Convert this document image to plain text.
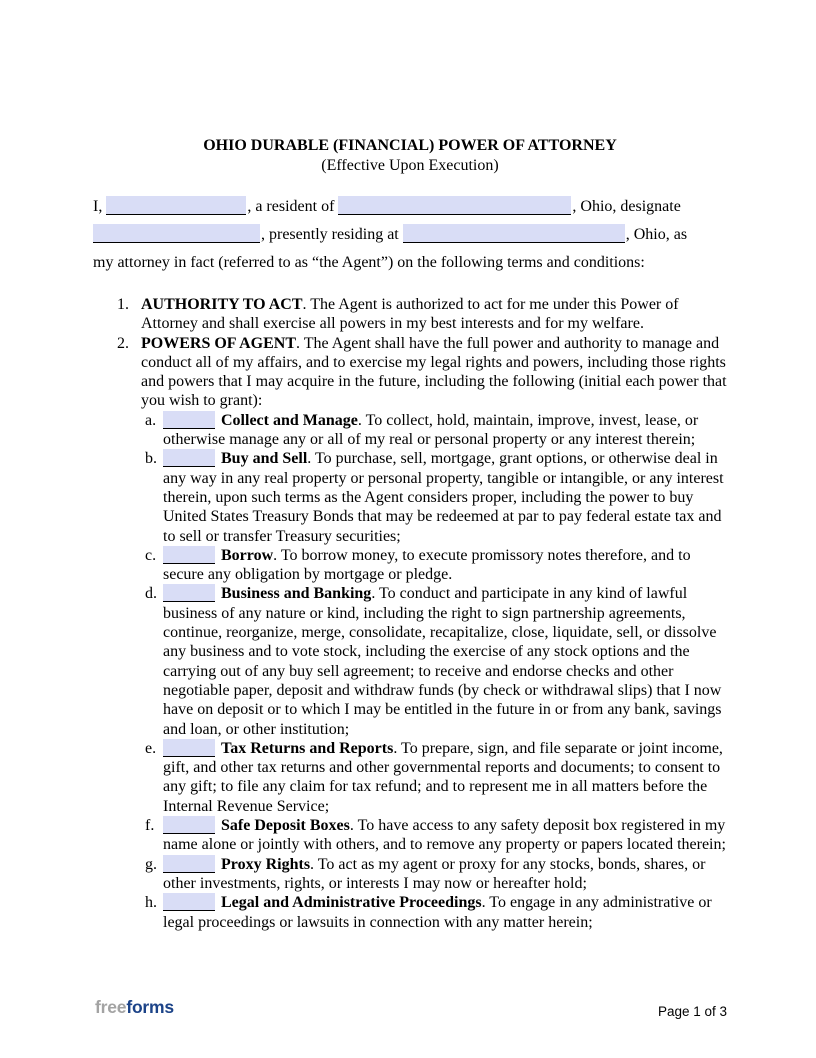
OHIO DURABLE (FINANCIAL) POWER OF ATTORNEY
(Effective Upon Execution)
I,	, a resident of	, Ohio, designate
, presently residing at	, Ohio, as
my attorney in fact (referred to as “the Agent”) on the following terms and conditions:
1. AUTHORITY TO ACT. The Agent is authorized to act for me under this Power of Attorney and shall exercise all powers in my best interests and for my welfare.
2. POWERS OF AGENT. The Agent shall have the full power and authority to manage and conduct all of my affairs, and to exercise my legal rights and powers, including those rights and powers that I may acquire in the future, including the following (initial each power that you wish to grant):
a.	Collect and Manage. To collect, hold, maintain, improve, invest, lease, or otherwise manage any or all of my real or personal property or any interest therein;
b.	Buy and Sell. To purchase, sell, mortgage, grant options, or otherwise deal in any way in any real property or personal property, tangible or intangible, or any interest therein, upon such terms as the Agent considers proper, including the power to buy United States Treasury Bonds that may be redeemed at par to pay federal estate tax and to sell or transfer Treasury securities;
c.	Borrow. To borrow money, to execute promissory notes therefore, and to secure any obligation by mortgage or pledge.
d.	Business and Banking. To conduct and participate in any kind of lawful business of any nature or kind, including the right to sign partnership agreements, continue, reorganize, merge, consolidate, recapitalize, close, liquidate, sell, or dissolve any business and to vote stock, including the exercise of any stock options and the carrying out of any buy sell agreement; to receive and endorse checks and other negotiable paper, deposit and withdraw funds (by check or withdrawal slips) that I now have on deposit or to which I may be entitled in the future in or from any bank, savings and loan, or other institution;
e.	Tax Returns and Reports. To prepare, sign, and file separate or joint income, gift, and other tax returns and other governmental reports and documents; to consent to any gift; to file any claim for tax refund; and to represent me in all matters before the Internal Revenue Service;
f.	Safe Deposit Boxes. To have access to any safety deposit box registered in my name alone or jointly with others, and to remove any property or papers located therein;
g.	Proxy Rights. To act as my agent or proxy for any stocks, bonds, shares, or other investments, rights, or interests I may now or hereafter hold;
h.	Legal and Administrative Proceedings. To engage in any administrative or legal proceedings or lawsuits in connection with any matter herein;
freeforms	Page 1 of 3
